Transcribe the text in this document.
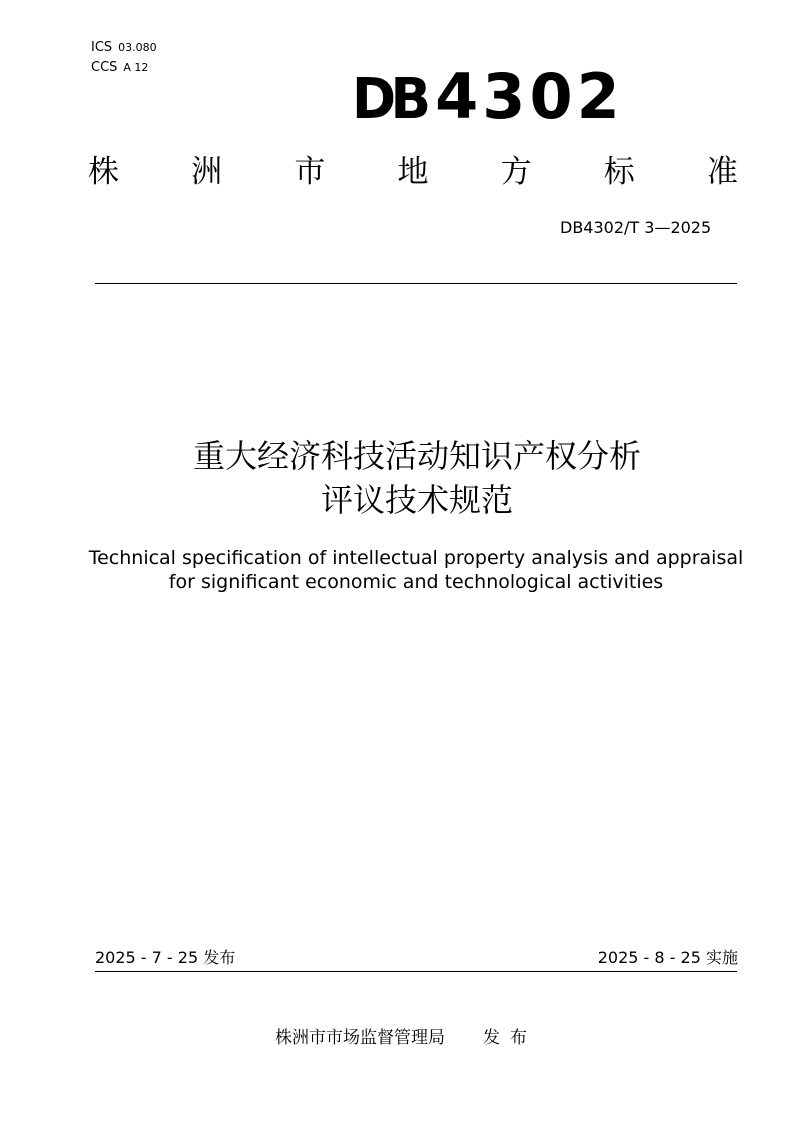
ICS 03.080
CCS A 12	DB 4302
株 洲 市 地 方 标 准
DB4302/T 3—2025
重大经济科技活动知识产权分析
评议技术规范
Technical specification of intellectual property analysis and appraisal
for significant economic and technological activities
2025 - 7 - 25 发布	2025 - 8 - 25 实施
株洲市市场监督管理局 发布
